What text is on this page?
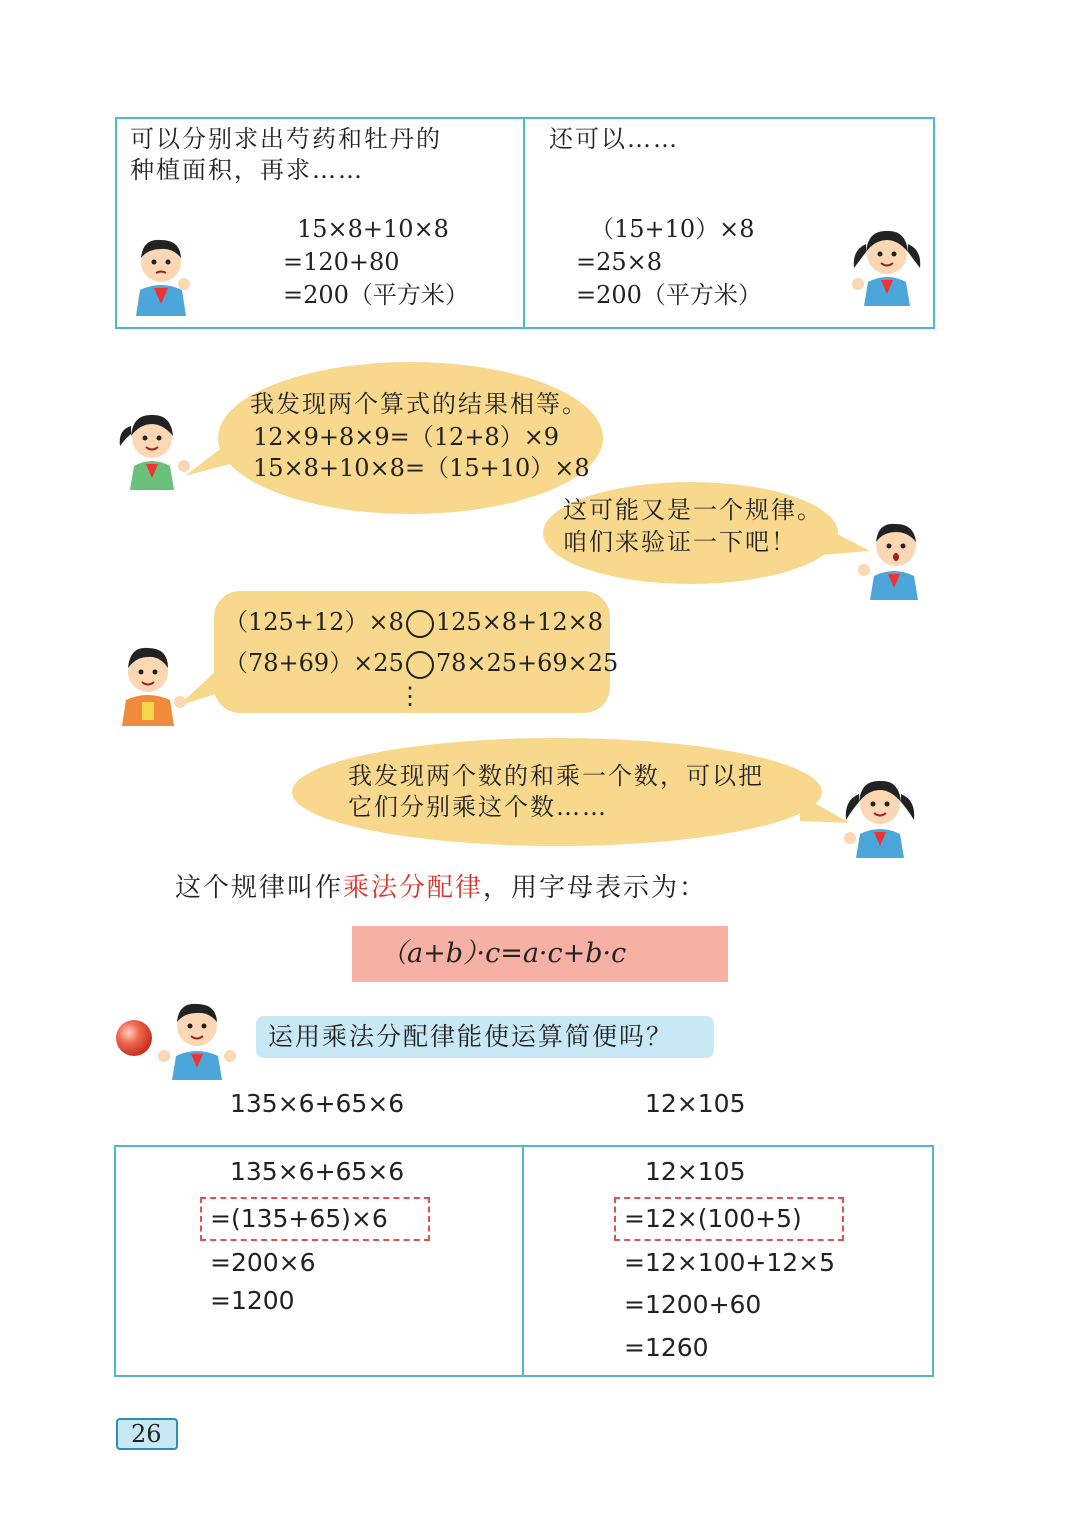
可以分别求出芍药和牡丹的
种植面积，再求……
15×8+10×8
=120+80
=200（平方米）
还可以……
（15+10）×8
=25×8
=200（平方米）
我发现两个算式的结果相等。
12×9+8×9=（12+8）×9
15×8+10×8=（15+10）×8
这可能又是一个规律。
咱们来验证一下吧！
（125+12）×8 125×8+12×8
（78+69）×25 78×25+69×25
⋮
我发现两个数的和乘一个数，可以把
它们分别乘这个数……
这个规律叫作乘法分配律，用字母表示为：
（a+b）·c=a·c+b·c
运用乘法分配律能使运算简便吗？
135×6+65×6	12×105
135×6+65×6
=(135+65)×6
=200×6
=1200
12×105
=12×(100+5)
=12×100+12×5
=1200+60
=1260
26
